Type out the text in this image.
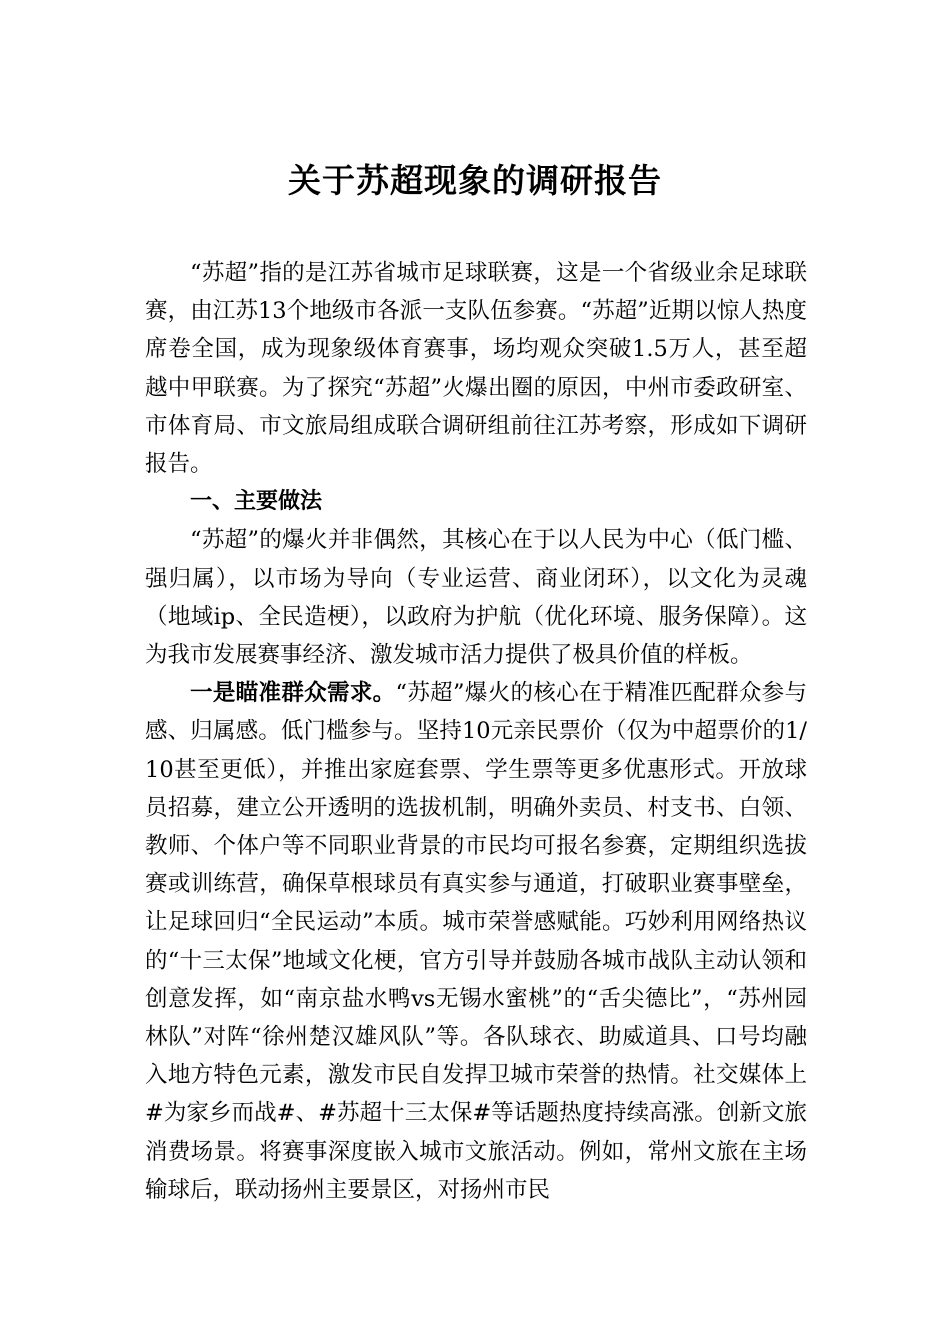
关于苏超现象的调研报告

“苏超”指的是江苏省城市足球联赛，这是一个省级业余足球联赛，由江苏13个地级市各派一支队伍参赛。“苏超”近期以惊人热度席卷全国，成为现象级体育赛事，场均观众突破1.5万人，甚至超越中甲联赛。为了探究“苏超”火爆出圈的原因，中州市委政研室、市体育局、市文旅局组成联合调研组前往江苏考察，形成如下调研报告。

一、主要做法

“苏超”的爆火并非偶然，其核心在于以人民为中心（低门槛、强归属），以市场为导向（专业运营、商业闭环），以文化为灵魂（地域ip、全民造梗），以政府为护航（优化环境、服务保障）。这为我市发展赛事经济、激发城市活力提供了极具价值的样板。

一是瞄准群众需求。“苏超”爆火的核心在于精准匹配群众参与感、归属感。低门槛参与。坚持10元亲民票价（仅为中超票价的1/10甚至更低），并推出家庭套票、学生票等更多优惠形式。开放球员招募，建立公开透明的选拔机制，明确外卖员、村支书、白领、教师、个体户等不同职业背景的市民均可报名参赛，定期组织选拔赛或训练营，确保草根球员有真实参与通道，打破职业赛事壁垒，让足球回归“全民运动”本质。城市荣誉感赋能。巧妙利用网络热议的“十三太保”地域文化梗，官方引导并鼓励各城市战队主动认领和创意发挥，如“南京盐水鸭vs无锡水蜜桃”的“舌尖德比”，“苏州园林队”对阵“徐州楚汉雄风队”等。各队球衣、助威道具、口号均融入地方特色元素，激发市民自发捍卫城市荣誉的热情。社交媒体上#为家乡而战#、#苏超十三太保#等话题热度持续高涨。创新文旅消费场景。将赛事深度嵌入城市文旅活动。例如，常州文旅在主场输球后，联动扬州主要景区，对扬州市民
